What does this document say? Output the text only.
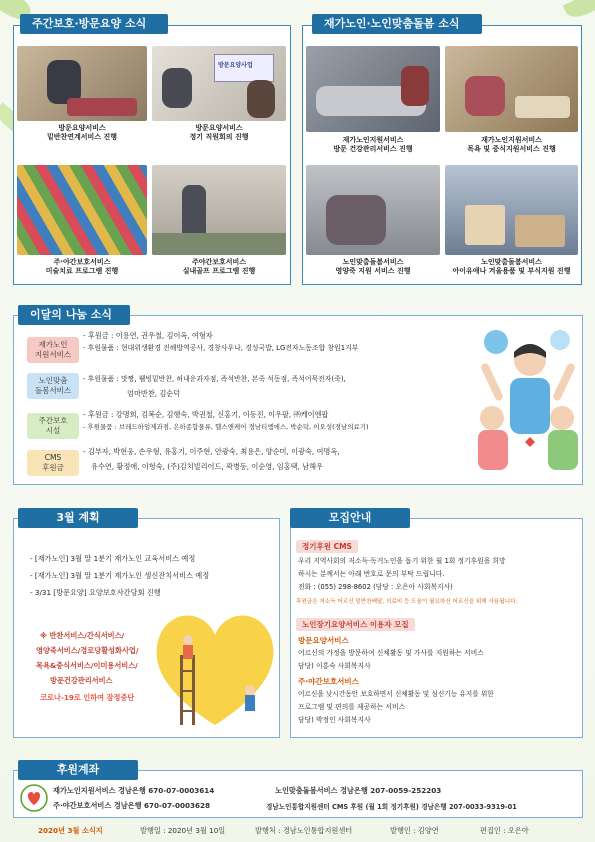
주간보호·방문요양 소식
방문요양사업
방문요양서비스
밑반찬연계서비스 진행
방문요양서비스
정기 직원회의 진행
주·야간보호서비스
미술치료 프로그램 진행
주야간보호서비스
실내골프 프로그램 진행
재가노인·노인맞춤돌봄 소식
재가노인지원서비스
방문 건강관리서비스 진행
재가노인지원서비스
목욕 및 중식지원서비스 진행
노인맞춤돌봄서비스
영양죽 지원 서비스 진행
노인맞춤돌봄서비스
아이유애나 겨울용품 및 부식지원 진행
이달의 나눔 소식
재가노인
지원서비스
- 후원금 : 이용연, 권우철, 김이옥, 여형자
- 후원물품 : 현대위생환경 진해방역공사, 경창사우나, 경성국밥, LG전자노동조합 창원1지부
노인맞춤
돌봄서비스
- 후원물품 : 맛짱, 웰빙밑반찬, 허내운과자점, 즉석반찬, 본죽 석동점, 즉석어묵전자(죽),
엄마반찬, 김순덕
주간보호
시설
- 후원금 : 강명희, 김복순, 김행숙, 박권철, 신홍기, 이동진, 이우팔, ㈜케이엔팝
- 후원물품 : 브레드하임제과점, 은하종합물류, 헬스앤케어 경남티엠에스, 박순덕, 이오성(경남의료기)
CMS
후원금
- 김부자, 박현웅, 손우형, 유홍기, 이주현, 안광숙, 최용은, 양순미, 이광숙, 여명옥,
유수연, 황정애, 이헝숙, (주)김치빌리어드, 곽병동, 이순영, 임홍택, 남해우
3월 계획
- [재가노인] 3월 말 1분기 재가노인 교육서비스 예정
- [재가노인] 3월 말 1분기 재가노인 생신잔치서비스 예정
- 3/31 [방문요양] 요양보호사간담회 진행
※ 반찬서비스/간식서비스/
영양죽서비스/경로당활성화사업/
목욕&중식서비스/이미용서비스/
방문건강관리서비스
코로나-19로 인하여 잠정중단
모집안내
정기후원 CMS
우리 지역사회의 저소득·독거노인을 돕기 위한 월 1회 정기후원을 희망
하시는 분께서는 아래 번호로 문의 부탁 드립니다.
전화 : (055) 298-8602 (담당 : 오은아 사회복지사)
후원금은 저소득 어르신 밑반찬배달, 의료비 등 도움이 필요하신 어르신을 위해 사용됩니다.
노인장기요양서비스 이용자 모집
방문요양서비스
어르신의 가정을 방문하여 신체활동 및 가사를 지원하는 서비스
담당) 이홍숙 사회복지사
주·야간보호서비스
어르신을 낮시간동안 보호하면서 신체활동 및 심신기능 유지를 위한
프로그램 및 편의를 제공하는 서비스
담당) 박정인 사회복지사
후원계좌
재가노인지원서비스 경남은행 670-07-0003614	노인맞춤돌봄서비스 경남은행 207-0059-252203
주·야간보호서비스 경남은행 670-07-0003628	경남노인통합지원센터 CMS 후원 (월 1회 정기후원) 경남은행 207-0033-9319-01
2020년 3월 소식지	발행일 : 2020년 3월 10일	발행처 : 경남노인통합지원센터	발행인 : 김양연	편집인 : 오은아
